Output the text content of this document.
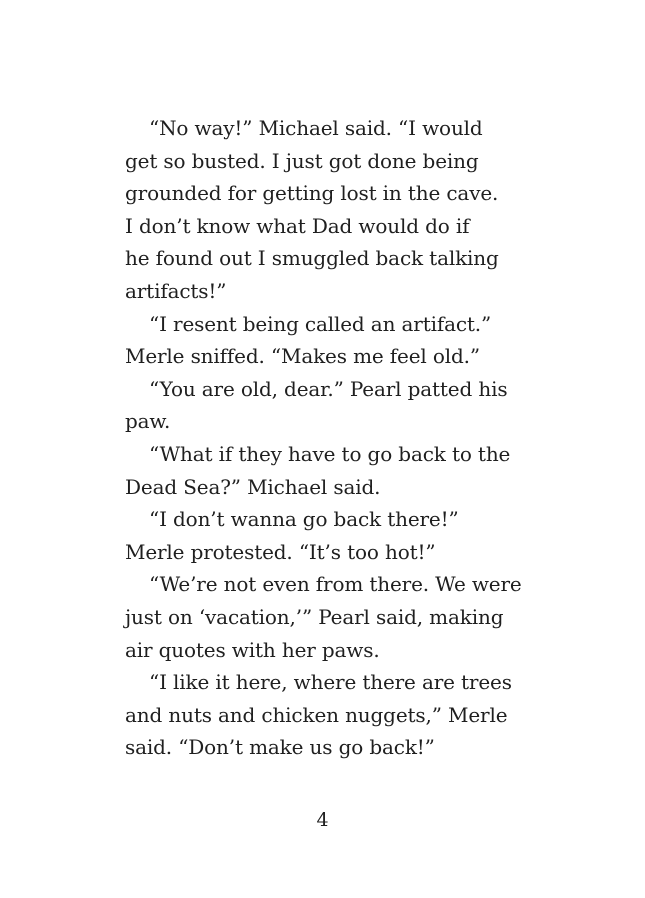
“No way!” Michael said. “I would
get so busted. I just got done being
grounded for getting lost in the cave.
I don’t know what Dad would do if
he found out I smuggled back talking
artifacts!”
“I resent being called an artifact.”
Merle sniffed. “Makes me feel old.”
“You are old, dear.” Pearl patted his
paw.
“What if they have to go back to the
Dead Sea?” Michael said.
“I don’t wanna go back there!”
Merle protested. “It’s too hot!”
“We’re not even from there. We were
just on ‘vacation,’” Pearl said, making
air quotes with her paws.
“I like it here, where there are trees
and nuts and chicken nuggets,” Merle
said. “Don’t make us go back!”
4
